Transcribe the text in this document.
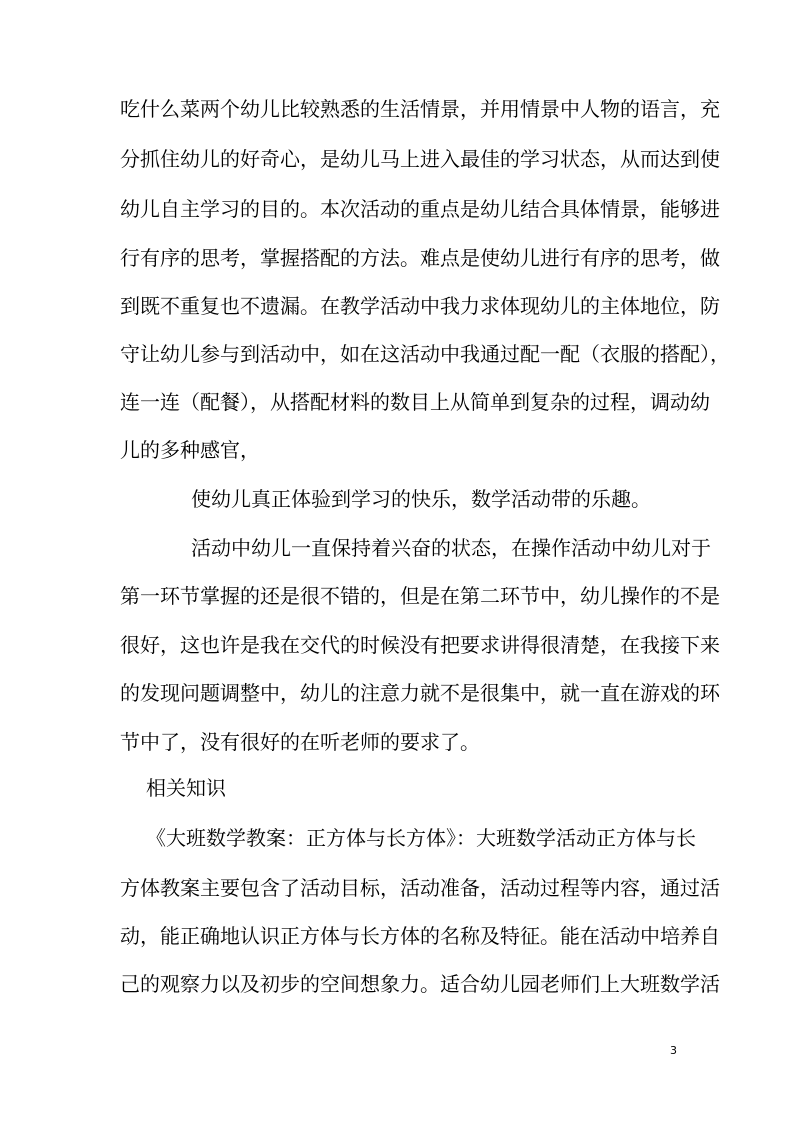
吃什么菜两个幼儿比较熟悉的生活情景，并用情景中人物的语言，充
分抓住幼儿的好奇心，是幼儿马上进入最佳的学习状态，从而达到使
幼儿自主学习的目的。本次活动的重点是幼儿结合具体情景，能够进
行有序的思考，掌握搭配的方法。难点是使幼儿进行有序的思考，做
到既不重复也不遗漏。在教学活动中我力求体现幼儿的主体地位，防
守让幼儿参与到活动中，如在这活动中我通过配一配（衣服的搭配），
连一连（配餐），从搭配材料的数目上从简单到复杂的过程，调动幼
儿的多种感官，
使幼儿真正体验到学习的快乐，数学活动带的乐趣。
活动中幼儿一直保持着兴奋的状态，在操作活动中幼儿对于
第一环节掌握的还是很不错的，但是在第二环节中，幼儿操作的不是
很好，这也许是我在交代的时候没有把要求讲得很清楚，在我接下来
的发现问题调整中，幼儿的注意力就不是很集中，就一直在游戏的环
节中了，没有很好的在听老师的要求了。
相关知识
《大班数学教案：正方体与长方体》：大班数学活动正方体与长
方体教案主要包含了活动目标，活动准备，活动过程等内容，通过活
动，能正确地认识正方体与长方体的名称及特征。能在活动中培养自
己的观察力以及初步的空间想象力。适合幼儿园老师们上大班数学活
3
